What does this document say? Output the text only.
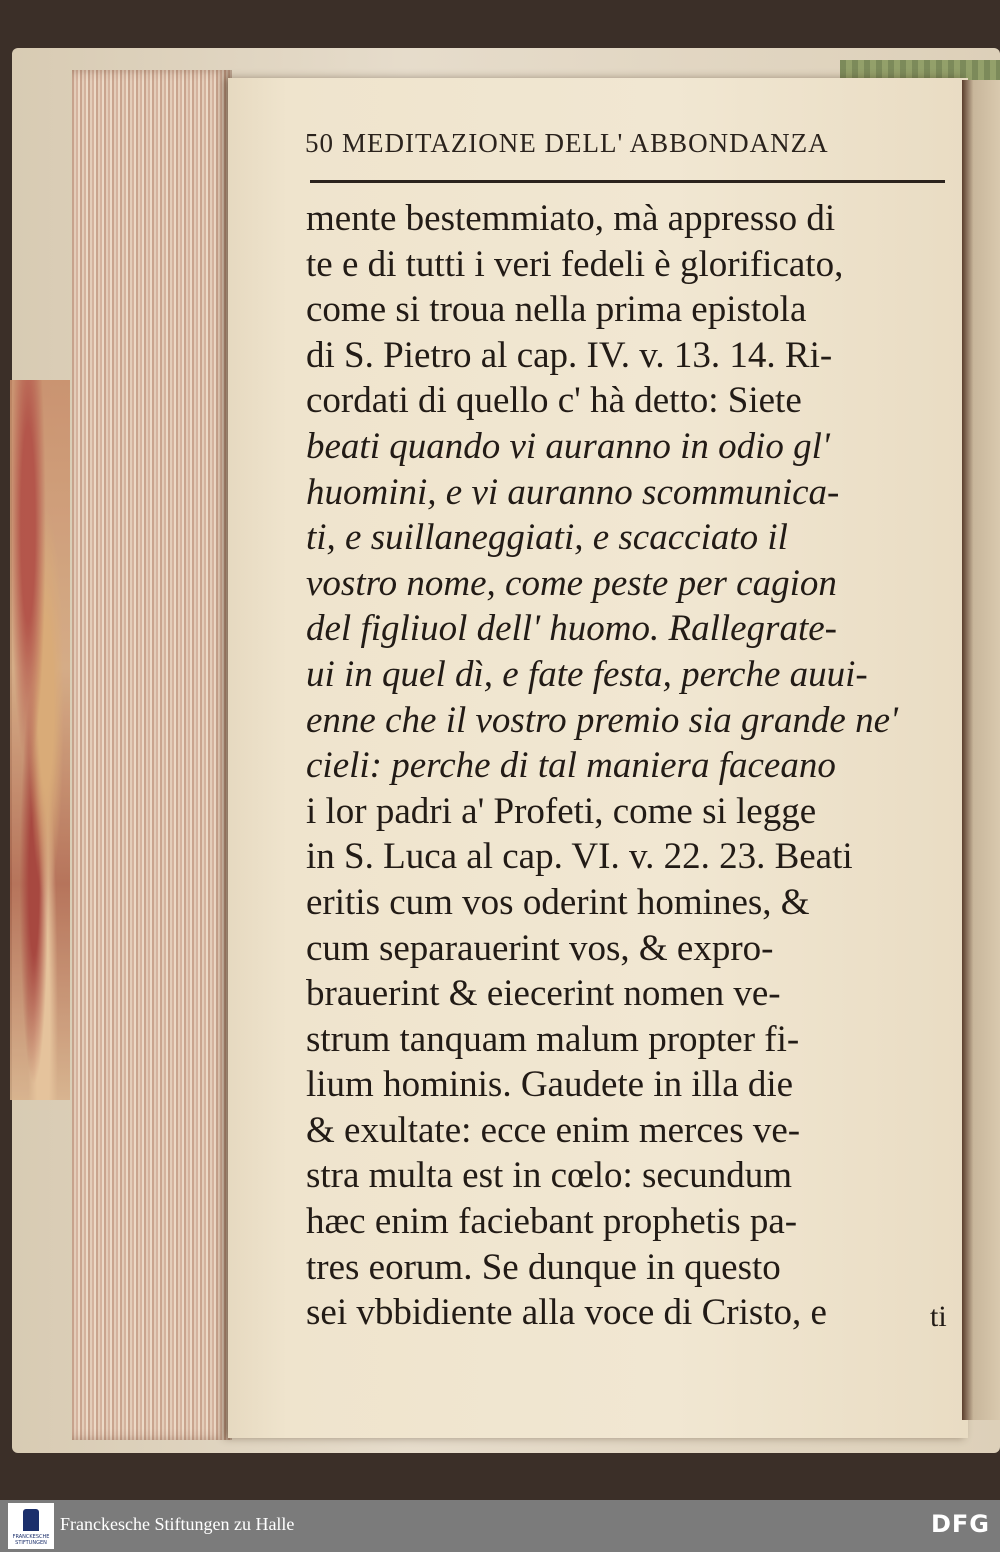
50 MEDITAZIONE DELL' ABBONDANZA
mente bestemmiato, mà appresso di
te e di tutti i veri fedeli è glorificato,
come si troua nella prima epistola
di S. Pietro al cap. IV. v. 13. 14. Ri-
cordati di quello c' hà detto: Siete
beati quando vi auranno in odio gl'
huomini, e vi auranno scommunica-
ti, e suillaneggiati, e scacciato il
vostro nome, come peste per cagion
del figliuol dell' huomo. Rallegrate-
ui in quel dì, e fate festa, perche auui-
enne che il vostro premio sia grande ne'
cieli: perche di tal maniera faceano
i lor padri a' Profeti, come si legge
in S. Luca al cap. VI. v. 22. 23. Beati
eritis cum vos oderint homines, &
cum separauerint vos, & expro-
brauerint & eiecerint nomen ve-
strum tanquam malum propter fi-
lium hominis. Gaudete in illa die
& exultate: ecce enim merces ve-
stra multa est in cœlo: secundum
hæc enim faciebant prophetis pa-
tres eorum. Se dunque in questo
sei vbbidiente alla voce di Cristo, e	ti
FRANCKESCHE STIFTUNGEN
Franckesche Stiftungen zu Halle	DFG
